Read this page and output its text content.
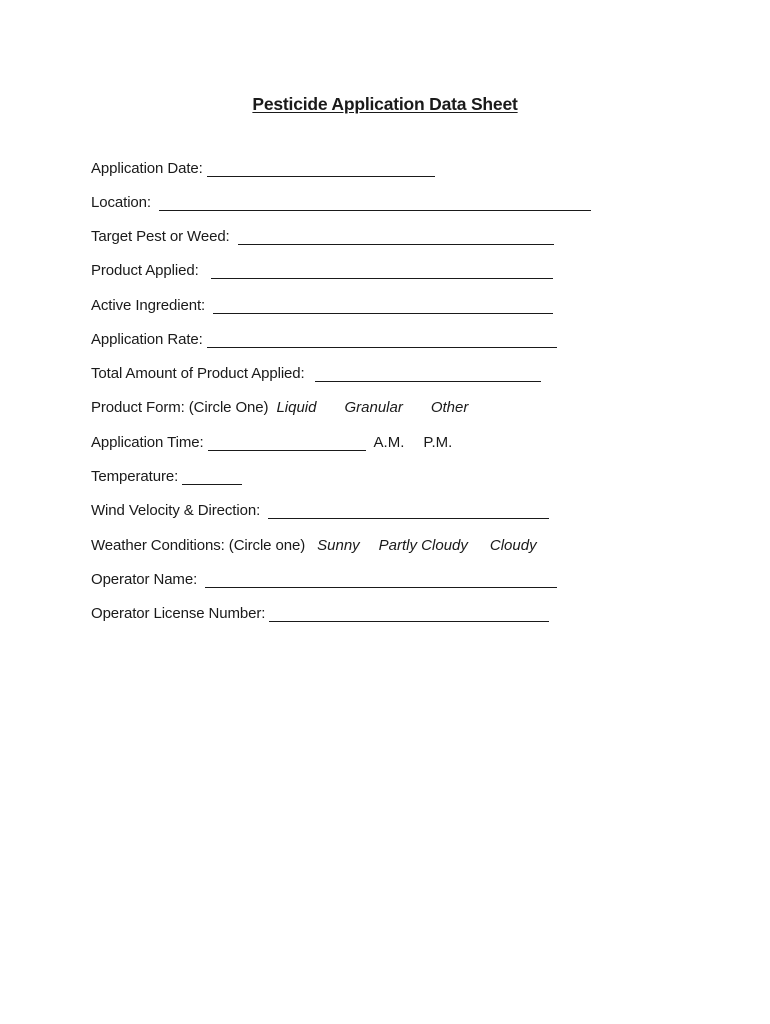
Pesticide Application Data Sheet
Application Date:
Location:
Target Pest or Weed:
Product Applied:
Active Ingredient:
Application Rate:
Total Amount of Product Applied:
Product Form: (Circle One) Liquid Granular Other
Application Time:	A.M. P.M.
Temperature:
Wind Velocity & Direction:
Weather Conditions: (Circle one) Sunny Partly Cloudy Cloudy
Operator Name:
Operator License Number:
